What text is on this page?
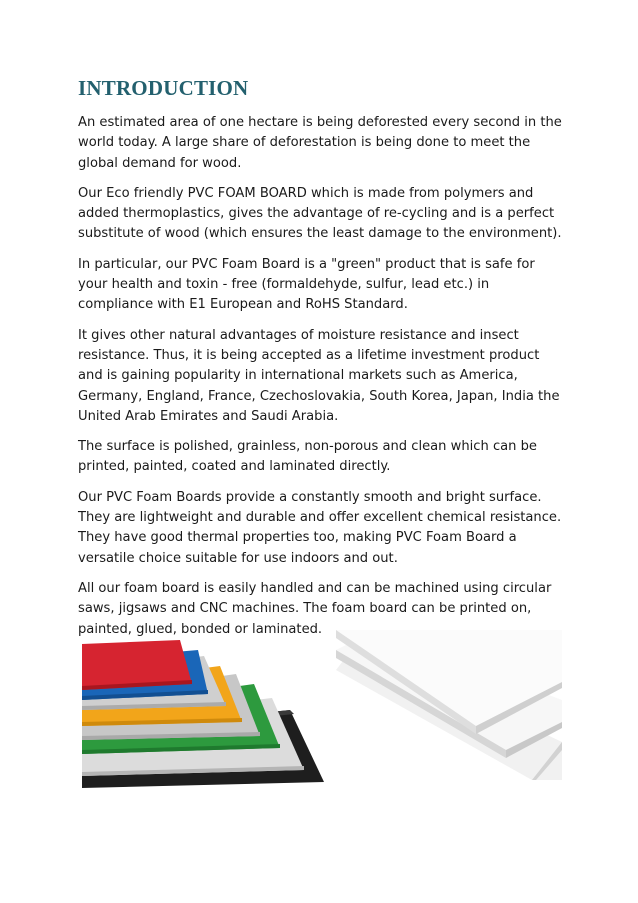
INTRODUCTION

An estimated area of one hectare is being deforested every second in the world today. A large share of deforestation is being done to meet the global demand for wood.

Our Eco friendly PVC FOAM BOARD which is made from polymers and added thermoplastics, gives the advantage of re-cycling and is a perfect substitute of wood (which ensures the least damage to the environment).

In particular, our PVC Foam Board is a "green" product that is safe for your health and toxin - free (formaldehyde, sulfur, lead etc.) in compliance with E1 European and RoHS Standard.

It gives other natural advantages of moisture resistance and insect resistance. Thus, it is being accepted as a lifetime investment product and is gaining popularity in international markets such as America, Germany, England, France, Czechoslovakia, South Korea, Japan, India the United Arab Emirates and Saudi Arabia.

The surface is polished, grainless, non-porous and clean which can be printed, painted, coated and laminated directly.

Our PVC Foam Boards provide a constantly smooth and bright surface. They are lightweight and durable and offer excellent chemical resistance. They have good thermal properties too, making PVC Foam Board a versatile choice suitable for use indoors and out.

All our foam board is easily handled and can be machined using circular saws, jigsaws and CNC machines. The foam board can be printed on, painted, glued, bonded or laminated.
